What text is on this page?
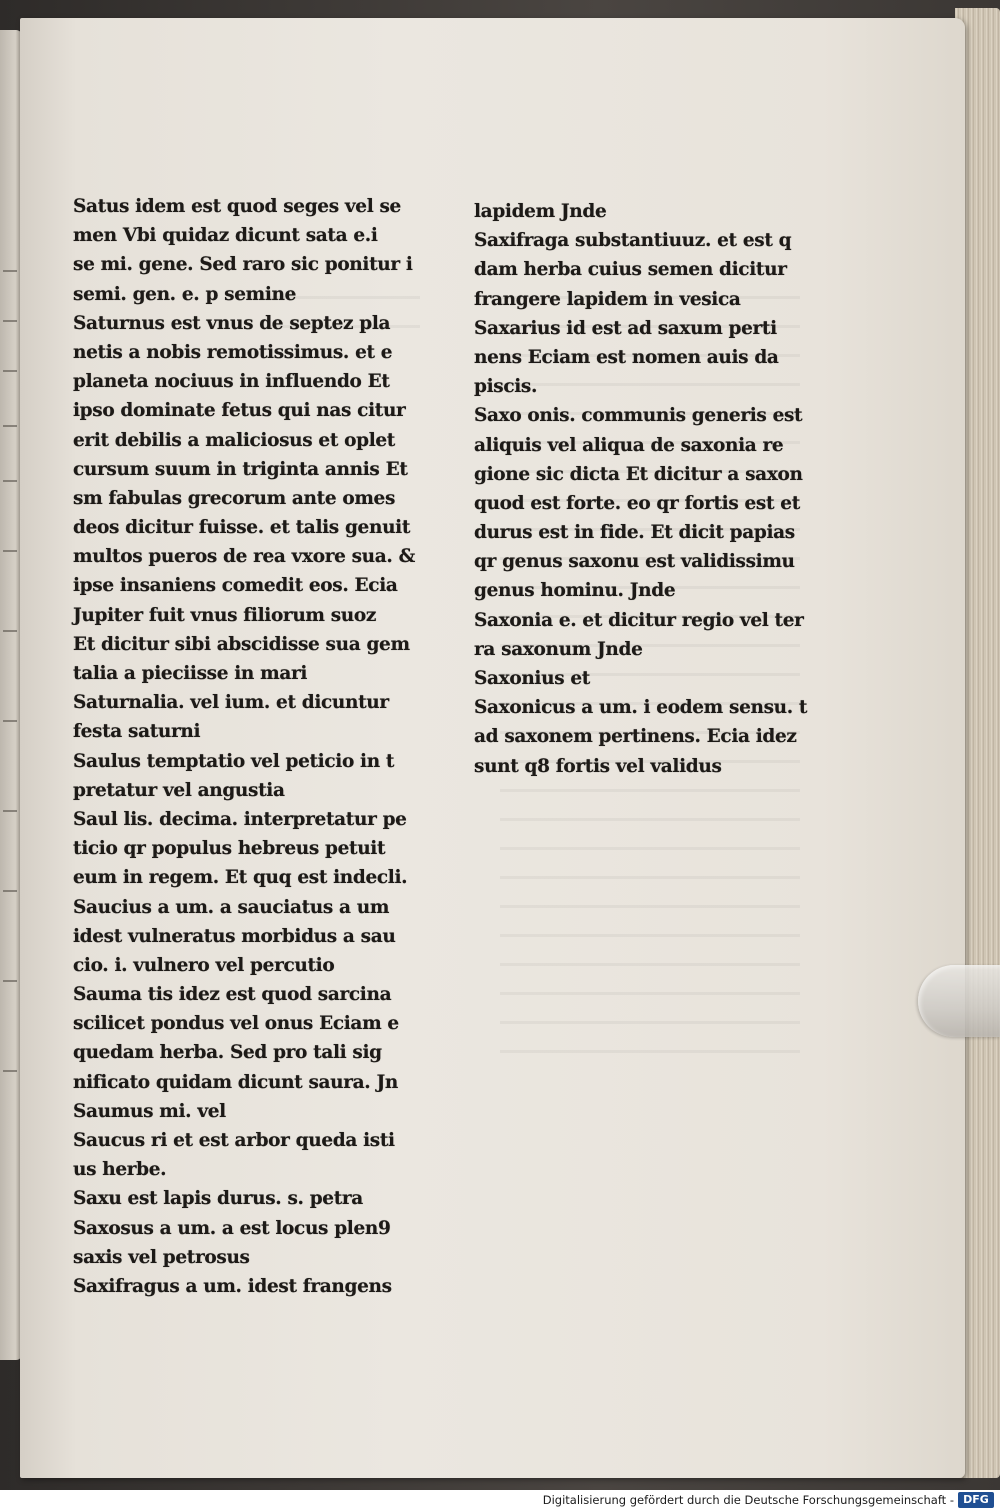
Satus idem est quod seges vel se
men Vbi quidaz dicunt sata e.i
se mi. gene. Sed raro sic ponitur i
semi. gen. e. p semine
Saturnus est vnus de septez pla
netis a nobis remotissimus. et e
planeta nociuus in influendo Et
ipso dominate fetus qui nas citur
erit debilis a maliciosus et oplet
cursum suum in triginta annis Et
sm fabulas grecorum ante omes
deos dicitur fuisse. et talis genuit
multos pueros de rea vxore sua. &
ipse insaniens comedit eos. Ecia
Jupiter fuit vnus filiorum suoz
Et dicitur sibi abscidisse sua gem
talia a pieciisse in mari
Saturnalia. vel ium. et dicuntur
festa saturni
Saulus temptatio vel peticio in t
pretatur vel angustia
Saul lis. decima. interpretatur pe
ticio qr populus hebreus petuit
eum in regem. Et quq est indecli.
Saucius a um. a sauciatus a um
idest vulneratus morbidus a sau
cio. i. vulnero vel percutio
Sauma tis idez est quod sarcina
scilicet pondus vel onus Eciam e
quedam herba. Sed pro tali sig
nificato quidam dicunt saura. Jn
Saumus mi. vel
Saucus ri et est arbor queda isti
us herbe.
Saxu est lapis durus. s. petra
Saxosus a um. a est locus plen9
saxis vel petrosus
Saxifragus a um. idest frangens
lapidem Jnde
Saxifraga substantiuuz. et est q
dam herba cuius semen dicitur
frangere lapidem in vesica
Saxarius id est ad saxum perti
nens Eciam est nomen auis da
piscis.
Saxo onis. communis generis est
aliquis vel aliqua de saxonia re
gione sic dicta Et dicitur a saxon
quod est forte. eo qr fortis est et
durus est in fide. Et dicit papias
qr genus saxonu est validissimu
genus hominu. Jnde
Saxonia e. et dicitur regio vel ter
ra saxonum Jnde
Saxonius et
Saxonicus a um. i eodem sensu. t
ad saxonem pertinens. Ecia idez
sunt q8 fortis vel validus
Digitalisierung gefördert durch die Deutsche Forschungsgemeinschaft - DFG
